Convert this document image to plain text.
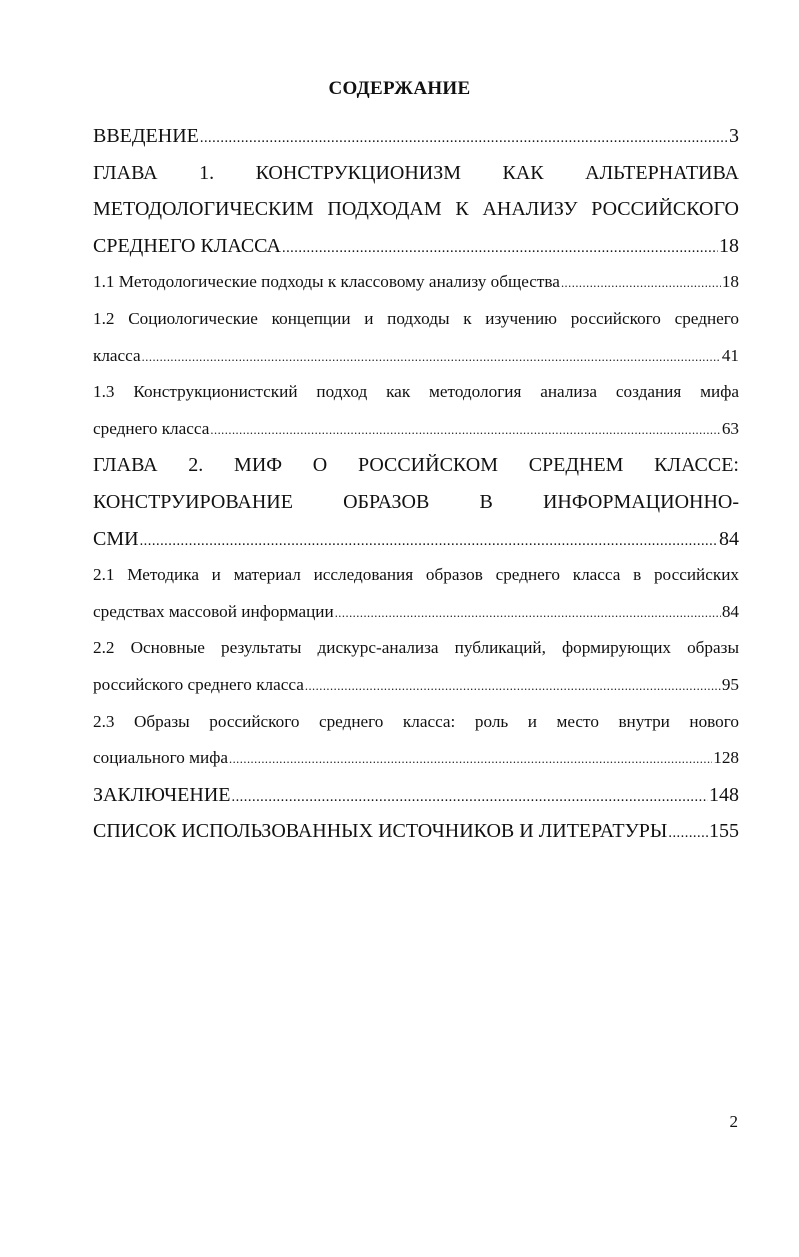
СОДЕРЖАНИЕ
ВВЕДЕНИЕ .....	3
ГЛАВА 1. КОНСТРУКЦИОНИЗМ КАК АЛЬТЕРНАТИВА
МЕТОДОЛОГИЧЕСКИМ ПОДХОДАМ К АНАЛИЗУ РОССИЙСКОГО
СРЕДНЕГО КЛАССА .....	18
1.1 Методологические подходы к классовому анализу общества .....	18
1.2 Социологические концепции и подходы к изучению российского среднего
класса .....	41
1.3 Конструкционистский подход как методология анализа создания мифа
среднего класса .....	63
ГЛАВА 2. МИФ О РОССИЙСКОМ СРЕДНЕМ КЛАССЕ:
КОНСТРУИРОВАНИЕ ОБРАЗОВ В ИНФОРМАЦИОННО-
СМИ .....	84
2.1 Методика и материал исследования образов среднего класса в российских
средствах массовой информации .....	84
2.2 Основные результаты дискурс-анализа публикаций, формирующих образы
российского среднего класса .....	95
2.3 Образы российского среднего класса: роль и место внутри нового
социального мифа .....	128
ЗАКЛЮЧЕНИЕ .....	148
СПИСОК ИСПОЛЬЗОВАННЫХ ИСТОЧНИКОВ И ЛИТЕРАТУРЫ ..... 155
2
